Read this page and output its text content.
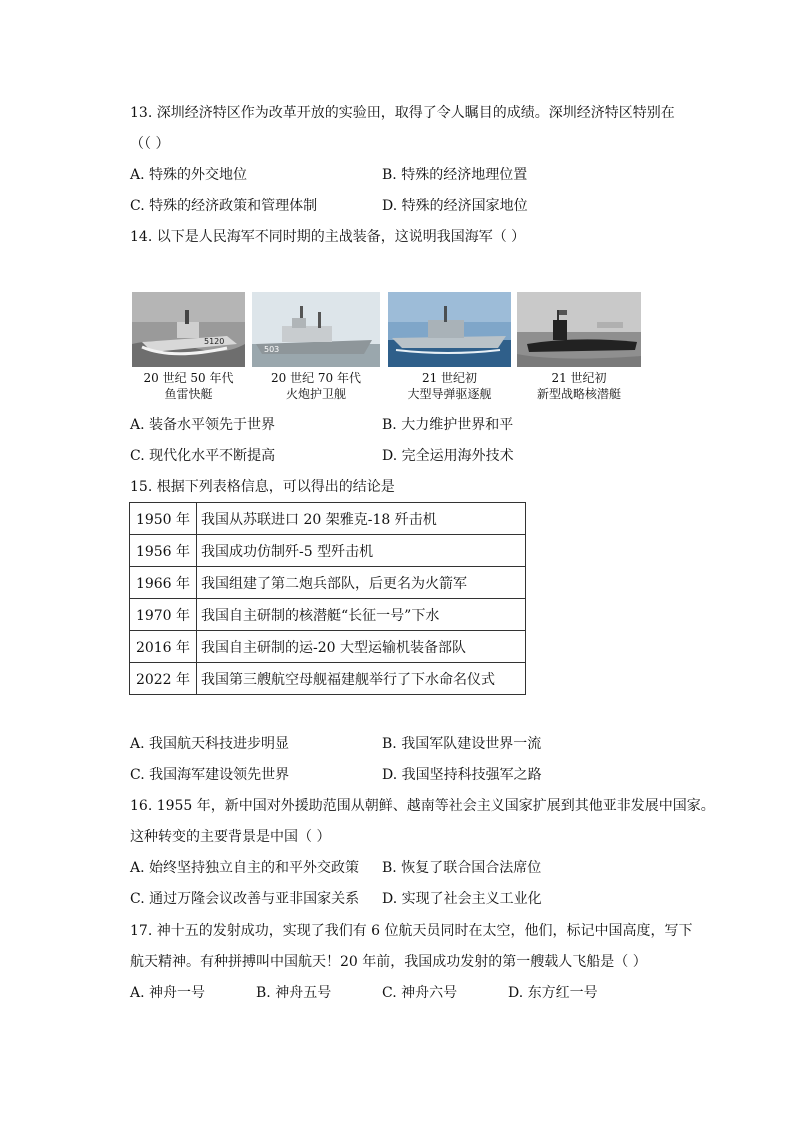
13. 深圳经济特区作为改革开放的实验田，取得了令人瞩目的成绩。深圳经济特区特别在
（（ ）
A. 特殊的外交地位	B. 特殊的经济地理位置
C. 特殊的经济政策和管理体制	D. 特殊的经济国家地位
14. 以下是人民海军不同时期的主战装备，这说明我国海军（ ）
5120
20 世纪 50 年代
鱼雷快艇
503
20 世纪 70 年代
火炮护卫舰
21 世纪初
大型导弹驱逐舰
21 世纪初
新型战略核潜艇
A. 装备水平领先于世界	B. 大力维护世界和平
C. 现代化水平不断提高	D. 完全运用海外技术
15. 根据下列表格信息，可以得出的结论是
1950 年	我国从苏联进口 20 架雅克-18 歼击机
1956 年	我国成功仿制歼-5 型歼击机
1966 年	我国组建了第二炮兵部队，后更名为火箭军
1970 年	我国自主研制的核潜艇“长征一号”下水
2016 年	我国自主研制的运-20 大型运输机装备部队
2022 年	我国第三艘航空母舰福建舰举行了下水命名仪式
A. 我国航天科技进步明显	B. 我国军队建设世界一流
C. 我国海军建设领先世界	D. 我国坚持科技强军之路
16. 1955 年，新中国对外援助范围从朝鲜、越南等社会主义国家扩展到其他亚非发展中国家。
这种转变的主要背景是中国（ ）
A. 始终坚持独立自主的和平外交政策 B. 恢复了联合国合法席位
C. 通过万隆会议改善与亚非国家关系 D. 实现了社会主义工业化
17. 神十五的发射成功，实现了我们有 6 位航天员同时在太空，他们，标记中国高度，写下
航天精神。有种拼搏叫中国航天！20 年前，我国成功发射的第一艘载人飞船是（ ）
A. 神舟一号	B. 神舟五号	C. 神舟六号	D. 东方红一号
